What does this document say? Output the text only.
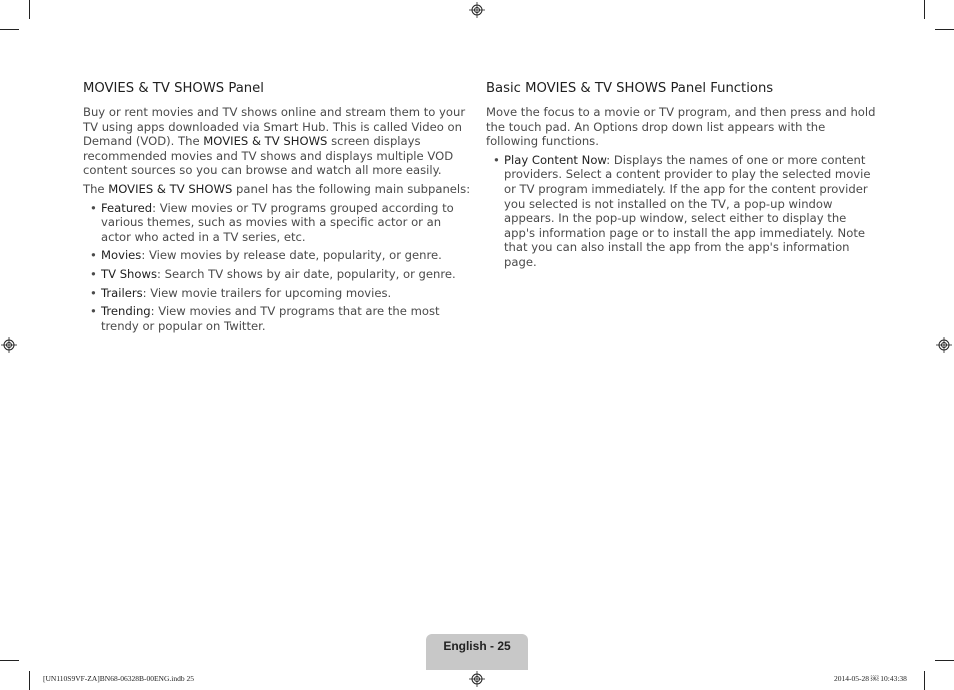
MOVIES & TV SHOWS Panel

Buy or rent movies and TV shows online and stream them to your TV using apps downloaded via Smart Hub. This is called Video on Demand (VOD). The MOVIES & TV SHOWS screen displays recommended movies and TV shows and displays multiple VOD content sources so you can browse and watch all more easily.

The MOVIES & TV SHOWS panel has the following main subpanels:

• Featured: View movies or TV programs grouped according to various themes, such as movies with a specific actor or an actor who acted in a TV series, etc.
• Movies: View movies by release date, popularity, or genre.
• TV Shows: Search TV shows by air date, popularity, or genre.
• Trailers: View movie trailers for upcoming movies.
• Trending: View movies and TV programs that are the most trendy or popular on Twitter.
Basic MOVIES & TV SHOWS Panel Functions

Move the focus to a movie or TV program, and then press and hold the touch pad. An Options drop down list appears with the following functions.

• Play Content Now: Displays the names of one or more content providers. Select a content provider to play the selected movie or TV program immediately. If the app for the content provider you selected is not installed on the TV, a pop-up window appears. In the pop-up window, select either to display the app's information page or to install the app immediately. Note that you can also install the app from the app's information page.
English - 25
[UN110S9VF-ZA]BN68-06328B-00ENG.indb 25	2014-05-28 ￼ 10:43:38
